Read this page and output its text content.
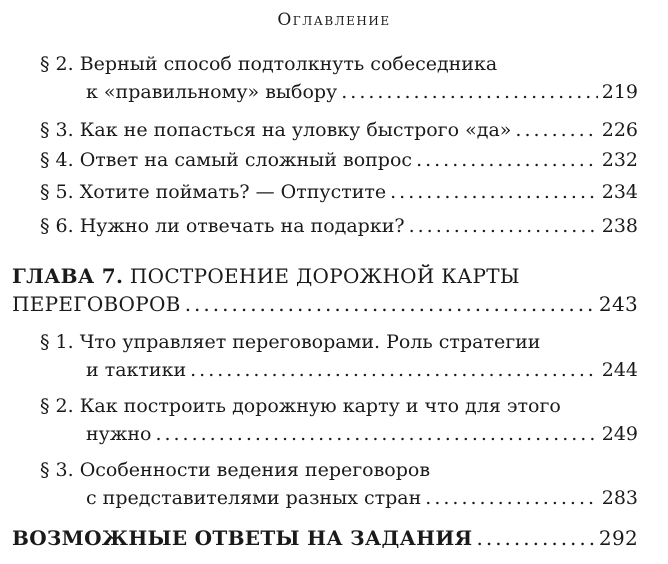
Оглавление
§ 2. Верный способ подтолкнуть собеседника
к «правильному» выбору .....	219
§ 3. Как не попасться на уловку быстрого «да» .....	226
§ 4. Ответ на самый сложный вопрос .....	232
§ 5. Хотите поймать? — Отпустите .....	234
§ 6. Нужно ли отвечать на подарки? .....	238
ГЛАВА 7. ПОСТРОЕНИЕ ДОРОЖНОЙ КАРТЫ
ПЕРЕГОВОРОВ .....	243
§ 1. Что управляет переговорами. Роль стратегии
и тактики .....	244
§ 2. Как построить дорожную карту и что для этого
нужно .....	249
§ 3. Особенности ведения переговоров
с представителями разных стран .....	283
ВОЗМОЖНЫЕ ОТВЕТЫ НА ЗАДАНИЯ .....	292
